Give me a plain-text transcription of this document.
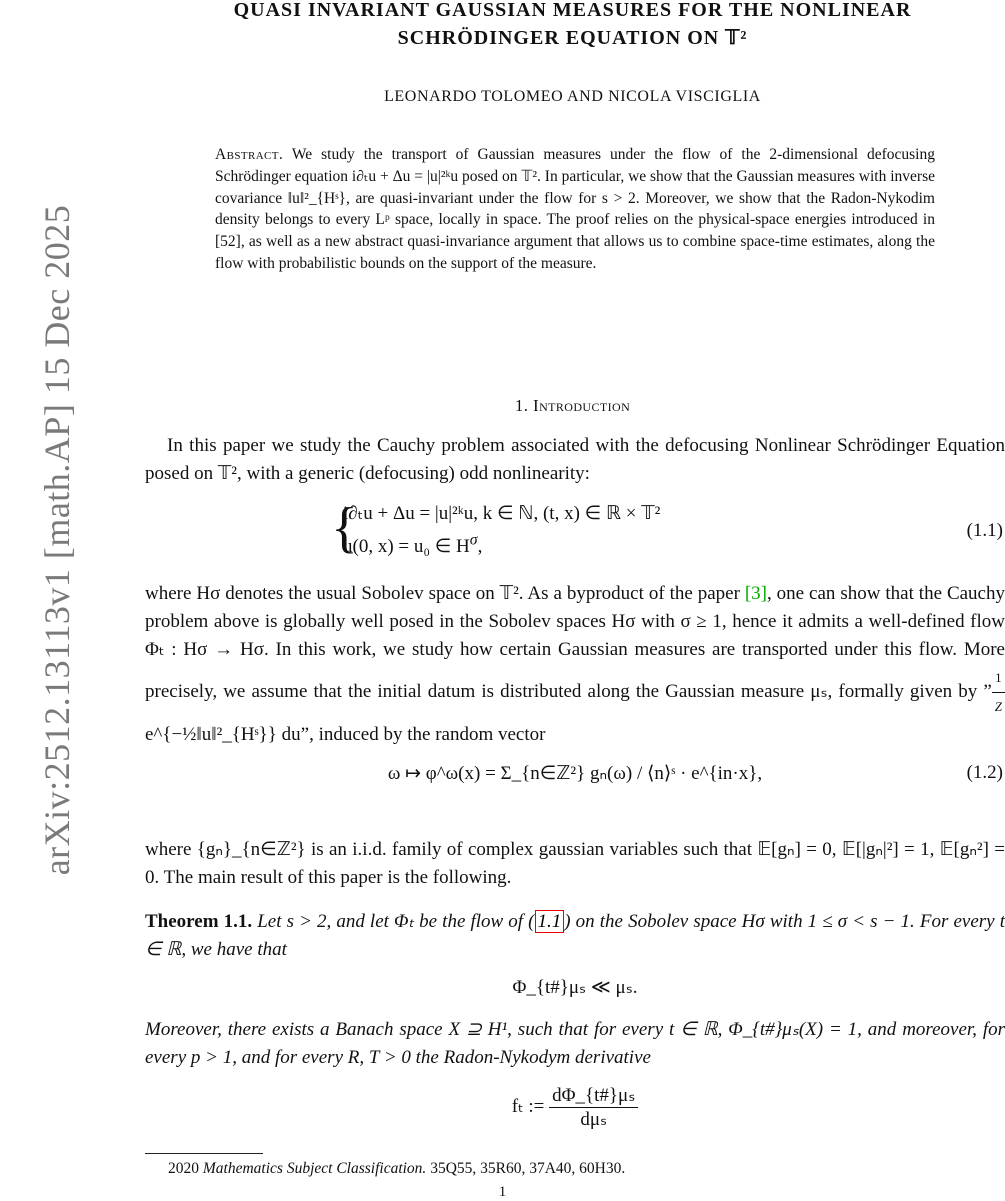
arXiv:2512.13113v1 [math.AP] 15 Dec 2025
QUASI INVARIANT GAUSSIAN MEASURES FOR THE NONLINEAR
SCHRÖDINGER EQUATION ON 𝕋²
LEONARDO TOLOMEO AND NICOLA VISCIGLIA
Abstract. We study the transport of Gaussian measures under the flow of the 2-dimensional defocusing Schrödinger equation i∂ₜu + Δu = |u|²ᵏu posed on 𝕋². In particular, we show that the Gaussian measures with inverse covariance ‖u‖²_{Hˢ}, are quasi-invariant under the flow for s > 2. Moreover, we show that the Radon-Nykodim density belongs to every Lᵖ space, locally in space. The proof relies on the physical-space energies introduced in [52], as well as a new abstract quasi-invariance argument that allows us to combine space-time estimates, along the flow with probabilistic bounds on the support of the measure.
1. Introduction
In this paper we study the Cauchy problem associated with the defocusing Nonlinear Schrödinger Equation posed on 𝕋², with a generic (defocusing) odd nonlinearity:
{
i∂ₜu + Δu = |u|²ᵏu, k ∈ ℕ, (t, x) ∈ ℝ × 𝕋²
u(0, x) = u₀ ∈ $H^\sigma$,
(1.1)
where Hσ denotes the usual Sobolev space on 𝕋². As a byproduct of the paper [3], one can show that the Cauchy problem above is globally well posed in the Sobolev spaces Hσ with σ ≥ 1, hence it admits a well-defined flow Φₜ : Hσ → Hσ. In this work, we study how certain Gaussian measures are transported under this flow. More precisely, we assume that the initial datum is distributed along the Gaussian measure μₛ, formally given by ” $\frac{1}{Z}$
e^{−½‖u‖²_{Hˢ}} du”, induced by the random vector
ω ↦ φ^ω(x) = Σ_{n∈ℤ²} gₙ(ω) / ⟨n⟩ˢ · e^{in·x},	(1.2)
where {gₙ}_{n∈ℤ²} is an i.i.d. family of complex gaussian variables such that 𝔼[gₙ] = 0, 𝔼[|gₙ|²] = 1, 𝔼[gₙ²] = 0. The main result of this paper is the following.
Theorem 1.1. Let s > 2, and let Φₜ be the flow of ( 1.1 ) on the Sobolev space Hσ with 1 ≤ σ < s − 1. For every t ∈ ℝ, we have that
Φ_{t#}μₛ ≪ μₛ.
Moreover, there exists a Banach space X ⊇ H¹, such that for every t ∈ ℝ, Φ_{t#}μₛ(X) = 1, and moreover, for every p > 1, and for every R, T > 0 the Radon-Nykodym derivative
fₜ := $\frac{\text{dΦ\_\{t\#\}μₛ}}{\text{dμₛ}}$
2020 Mathematics Subject Classification. 35Q55, 35R60, 37A40, 60H30.
1
